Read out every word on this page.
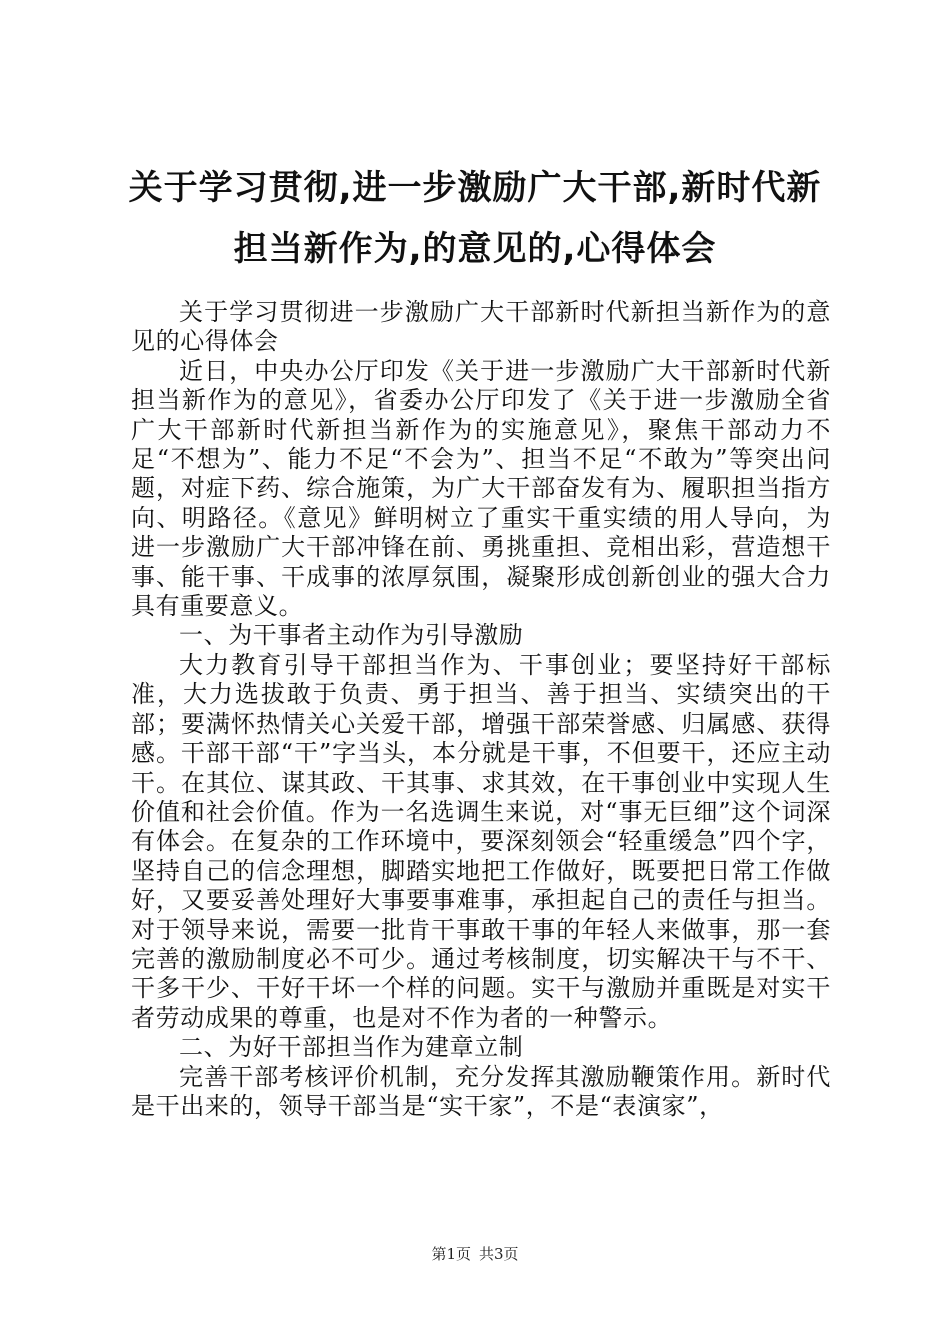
关于学习贯彻,进一步激励广大干部,新时代新
担当新作为,的意见的,心得体会

关于学习贯彻进一步激励广大干部新时代新担当新作为的意见的心得体会

近日，中央办公厅印发《关于进一步激励广大干部新时代新担当新作为的意见》，省委办公厅印发了《关于进一步激励全省广大干部新时代新担当新作为的实施意见》，聚焦干部动力不足“不想为”、能力不足“不会为”、担当不足“不敢为”等突出问题，对症下药、综合施策，为广大干部奋发有为、履职担当指方向、明路径。《意见》鲜明树立了重实干重实绩的用人导向，为进一步激励广大干部冲锋在前、勇挑重担、竞相出彩，营造想干事、能干事、干成事的浓厚氛围，凝聚形成创新创业的强大合力具有重要意义。

一、为干事者主动作为引导激励

大力教育引导干部担当作为、干事创业；要坚持好干部标准，大力选拔敢于负责、勇于担当、善于担当、实绩突出的干部；要满怀热情关心关爱干部，增强干部荣誉感、归属感、获得感。干部干部“干”字当头，本分就是干事，不但要干，还应主动干。在其位、谋其政、干其事、求其效，在干事创业中实现人生价值和社会价值。作为一名选调生来说，对“事无巨细”这个词深有体会。在复杂的工作环境中，要深刻领会“轻重缓急”四个字，坚持自己的信念理想，脚踏实地把工作做好，既要把日常工作做好，又要妥善处理好大事要事难事，承担起自己的责任与担当。对于领导来说，需要一批肯干事敢干事的年轻人来做事，那一套完善的激励制度必不可少。通过考核制度，切实解决干与不干、干多干少、干好干坏一个样的问题。实干与激励并重既是对实干者劳动成果的尊重，也是对不作为者的一种警示。

二、为好干部担当作为建章立制

完善干部考核评价机制，充分发挥其激励鞭策作用。新时代是干出来的，领导干部当是“实干家”，不是“表演家”，

第1页 共3页
